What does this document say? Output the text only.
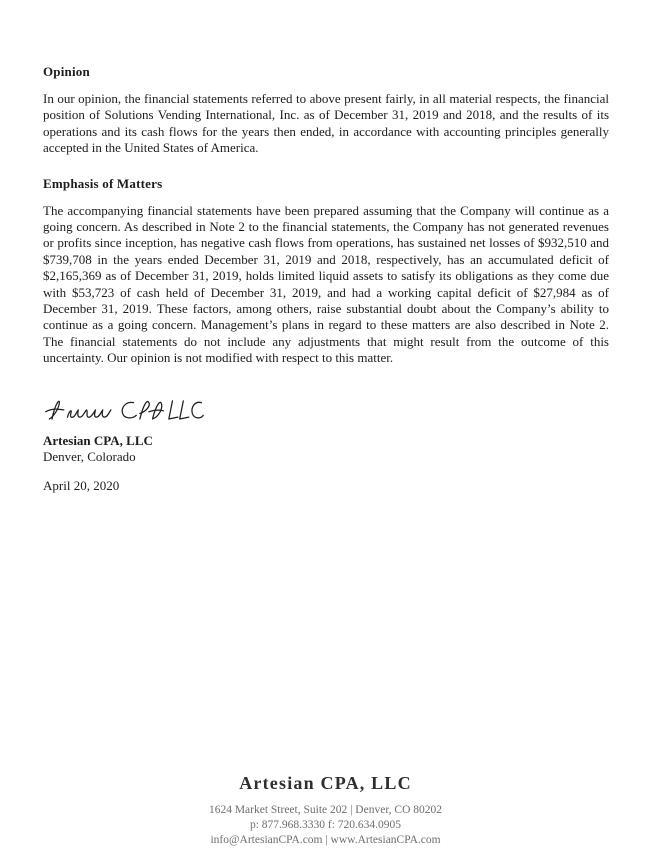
Opinion

In our opinion, the financial statements referred to above present fairly, in all material respects, the financial position of Solutions Vending International, Inc. as of December 31, 2019 and 2018, and the results of its operations and its cash flows for the years then ended, in accordance with accounting principles generally accepted in the United States of America.

Emphasis of Matters

The accompanying financial statements have been prepared assuming that the Company will continue as a going concern. As described in Note 2 to the financial statements, the Company has not generated revenues or profits since inception, has negative cash flows from operations, has sustained net losses of $932,510 and $739,708 in the years ended December 31, 2019 and 2018, respectively, has an accumulated deficit of $2,165,369 as of December 31, 2019, holds limited liquid assets to satisfy its obligations as they come due with $53,723 of cash held of December 31, 2019, and had a working capital deficit of $27,984 as of December 31, 2019. These factors, among others, raise substantial doubt about the Company’s ability to continue as a going concern. Management’s plans in regard to these matters are also described in Note 2. The financial statements do not include any adjustments that might result from the outcome of this uncertainty. Our opinion is not modified with respect to this matter.

Artesian CPA, LLC
Denver, Colorado
April 20, 2020
Artesian CPA, LLC
1624 Market Street, Suite 202 | Denver, CO 80202
p: 877.968.3330 f: 720.634.0905
info@ArtesianCPA.com | www.ArtesianCPA.com
